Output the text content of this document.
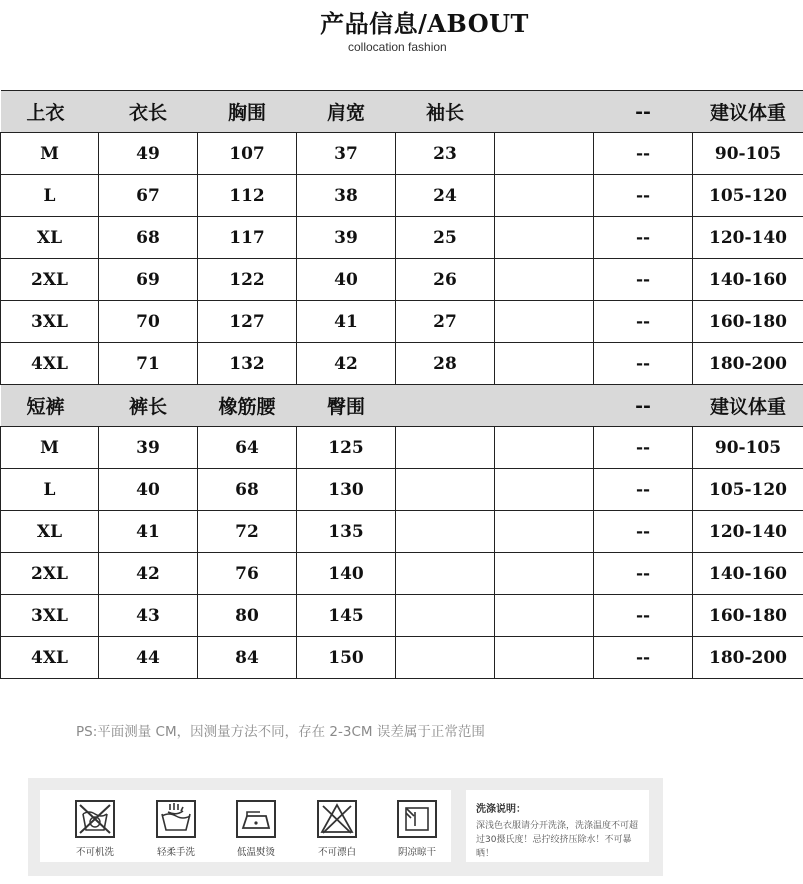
产品信息/ABOUT
collocation fashion
上衣	衣长	胸围	肩宽	袖长		--	建议体重
M	49	107	37	23		--	90-105
L	67	112	38	24		--	105-120
XL	68	117	39	25		--	120-140
2XL	69	122	40	26		--	140-160
3XL	70	127	41	27		--	160-180
4XL	71	132	42	28		--	180-200
短裤	裤长	橡筋腰	臀围			--	建议体重
M	39	64	125			--	90-105
L	40	68	130			--	105-120
XL	41	72	135			--	120-140
2XL	42	76	140			--	140-160
3XL	43	80	145			--	160-180
4XL	44	84	150			--	180-200
PS:平面测量 CM，因测量方法不同，存在 2-3CM 误差属于正常范围
不可机洗	轻柔手洗	低温熨烫	不可漂白	阴凉晾干
洗涤说明：
深浅色衣服请分开洗涤，洗涤温度不可超过30摄氏度！忌拧绞挤压除水！不可暴晒！
